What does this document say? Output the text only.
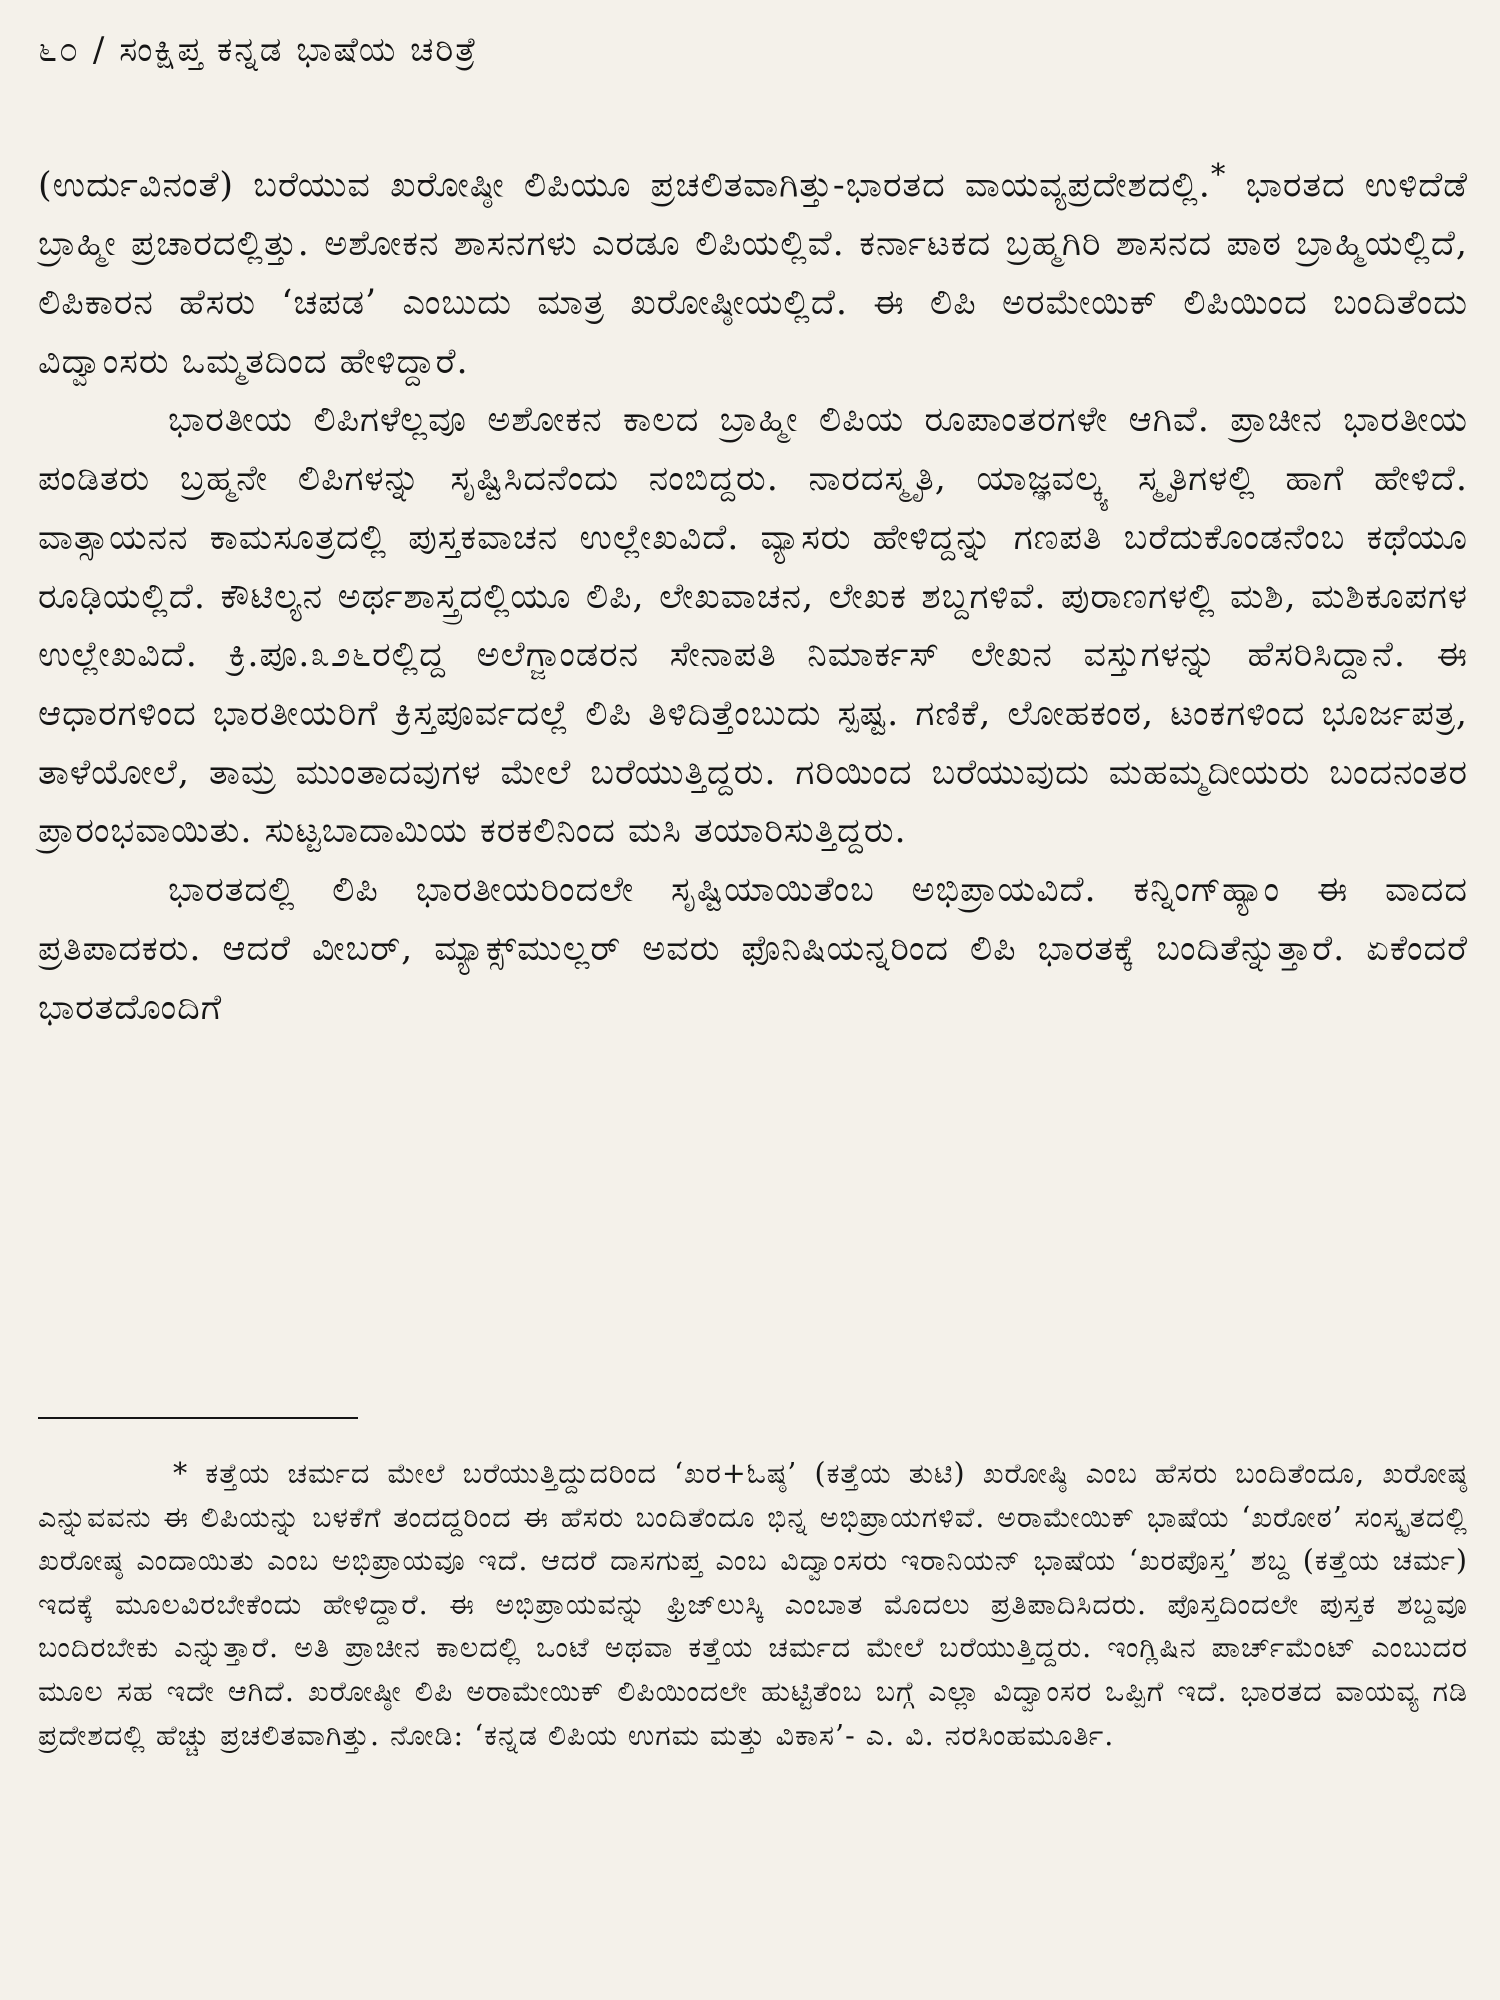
೬೦ / ಸಂಕ್ಷಿಪ್ತ ಕನ್ನಡ ಭಾಷೆಯ ಚರಿತ್ರೆ

(ಉರ್ದುವಿನಂತೆ) ಬರೆಯುವ ಖರೋಷ್ಠೀ ಲಿಪಿಯೂ ಪ್ರಚಲಿತವಾಗಿತ್ತು-ಭಾರತದ ವಾಯವ್ಯಪ್ರದೇಶದಲ್ಲಿ.* ಭಾರತದ ಉಳಿದೆಡೆ ಬ್ರಾಹ್ಮೀ ಪ್ರಚಾರದಲ್ಲಿತ್ತು. ಅಶೋಕನ ಶಾಸನಗಳು ಎರಡೂ ಲಿಪಿಯಲ್ಲಿವೆ. ಕರ್ನಾಟಕದ ಬ್ರಹ್ಮಗಿರಿ ಶಾಸನದ ಪಾಠ ಬ್ರಾಹ್ಮಿಯಲ್ಲಿದೆ, ಲಿಪಿಕಾರನ ಹೆಸರು ‘ಚಪಡ’ ಎಂಬುದು ಮಾತ್ರ ಖರೋಷ್ಠೀಯಲ್ಲಿದೆ. ಈ ಲಿಪಿ ಅರಮೇಯಿಕ್ ಲಿಪಿಯಿಂದ ಬಂದಿತೆಂದು ವಿದ್ವಾಂಸರು ಒಮ್ಮತದಿಂದ ಹೇಳಿದ್ದಾರೆ.

ಭಾರತೀಯ ಲಿಪಿಗಳೆಲ್ಲವೂ ಅಶೋಕನ ಕಾಲದ ಬ್ರಾಹ್ಮೀ ಲಿಪಿಯ ರೂಪಾಂತರಗಳೇ ಆಗಿವೆ. ಪ್ರಾಚೀನ ಭಾರತೀಯ ಪಂಡಿತರು ಬ್ರಹ್ಮನೇ ಲಿಪಿಗಳನ್ನು ಸೃಷ್ಟಿಸಿದನೆಂದು ನಂಬಿದ್ದರು. ನಾರದಸ್ಮೃತಿ, ಯಾಜ್ಞವಲ್ಕ್ಯ ಸ್ಮೃತಿಗಳಲ್ಲಿ ಹಾಗೆ ಹೇಳಿದೆ. ವಾತ್ಸಾಯನನ ಕಾಮಸೂತ್ರದಲ್ಲಿ ಪುಸ್ತಕವಾಚನ ಉಲ್ಲೇಖವಿದೆ. ವ್ಯಾಸರು ಹೇಳಿದ್ದನ್ನು ಗಣಪತಿ ಬರೆದುಕೊಂಡನೆಂಬ ಕಥೆಯೂ ರೂಢಿಯಲ್ಲಿದೆ. ಕೌಟಿಲ್ಯನ ಅರ್ಥಶಾಸ್ತ್ರದಲ್ಲಿಯೂ ಲಿಪಿ, ಲೇಖವಾಚನ, ಲೇಖಕ ಶಬ್ದಗಳಿವೆ. ಪುರಾಣಗಳಲ್ಲಿ ಮಶಿ, ಮಶಿಕೂಪಗಳ ಉಲ್ಲೇಖವಿದೆ. ಕ್ರಿ.ಪೂ.೩೨೬ರಲ್ಲಿದ್ದ ಅಲೆಗ್ಜಾಂಡರನ ಸೇನಾಪತಿ ನಿಮಾರ್ಕಸ್ ಲೇಖನ ವಸ್ತುಗಳನ್ನು ಹೆಸರಿಸಿದ್ದಾನೆ. ಈ ಆಧಾರಗಳಿಂದ ಭಾರತೀಯರಿಗೆ ಕ್ರಿಸ್ತಪೂರ್ವದಲ್ಲೆ ಲಿಪಿ ತಿಳಿದಿತ್ತೆಂಬುದು ಸ್ಪಷ್ಟ. ಗಣಿಕೆ, ಲೋಹಕಂಠ, ಟಂಕಗಳಿಂದ ಭೂರ್ಜಪತ್ರ, ತಾಳೆಯೋಲೆ, ತಾಮ್ರ ಮುಂತಾದವುಗಳ ಮೇಲೆ ಬರೆಯುತ್ತಿದ್ದರು. ಗರಿಯಿಂದ ಬರೆಯುವುದು ಮಹಮ್ಮದೀಯರು ಬಂದನಂತರ ಪ್ರಾರಂಭವಾಯಿತು. ಸುಟ್ಟಬಾದಾಮಿಯ ಕರಕಲಿನಿಂದ ಮಸಿ ತಯಾರಿಸುತ್ತಿದ್ದರು.

ಭಾರತದಲ್ಲಿ ಲಿಪಿ ಭಾರತೀಯರಿಂದಲೇ ಸೃಷ್ಟಿಯಾಯಿತೆಂಬ ಅಭಿಪ್ರಾಯವಿದೆ. ಕನ್ನಿಂಗ್‌ಹ್ಯಾಂ ಈ ವಾದದ ಪ್ರತಿಪಾದಕರು. ಆದರೆ ವೀಬರ್, ಮ್ಯಾಕ್ಸ್‌ಮುಲ್ಲರ್ ಅವರು ಫೊನಿಷಿಯನ್ನರಿಂದ ಲಿಪಿ ಭಾರತಕ್ಕೆ ಬಂದಿತೆನ್ನುತ್ತಾರೆ. ಏಕೆಂದರೆ ಭಾರತದೊಂದಿಗೆ

* ಕತ್ತೆಯ ಚರ್ಮದ ಮೇಲೆ ಬರೆಯುತ್ತಿದ್ದುದರಿಂದ ‘ಖರ+ಓಷ್ಠ’ (ಕತ್ತೆಯ ತುಟಿ) ಖರೋಷ್ಠಿ ಎಂಬ ಹೆಸರು ಬಂದಿತೆಂದೂ, ಖರೋಷ್ಠ ಎನ್ನುವವನು ಈ ಲಿಪಿಯನ್ನು ಬಳಕೆಗೆ ತಂದದ್ದರಿಂದ ಈ ಹೆಸರು ಬಂದಿತೆಂದೂ ಭಿನ್ನ ಅಭಿಪ್ರಾಯಗಳಿವೆ. ಅರಾಮೇಯಿಕ್ ಭಾಷೆಯ ‘ಖರೋಠ’ ಸಂಸ್ಕೃತದಲ್ಲಿ ಖರೋಷ್ಠ ಎಂದಾಯಿತು ಎಂಬ ಅಭಿಪ್ರಾಯವೂ ಇದೆ. ಆದರೆ ದಾಸಗುಪ್ತ ಎಂಬ ವಿದ್ವಾಂಸರು ಇರಾನಿಯನ್ ಭಾಷೆಯ ‘ಖರಪೊಸ್ತ’ ಶಬ್ದ (ಕತ್ತೆಯ ಚರ್ಮ) ಇದಕ್ಕೆ ಮೂಲವಿರಬೇಕೆಂದು ಹೇಳಿದ್ದಾರೆ. ಈ ಅಭಿಪ್ರಾಯವನ್ನು ಫ್ರಿಜ್‌ಲುಸ್ಕಿ ಎಂಬಾತ ಮೊದಲು ಪ್ರತಿಪಾದಿಸಿದರು. ಪೊಸ್ತದಿಂದಲೇ ಪುಸ್ತಕ ಶಬ್ದವೂ ಬಂದಿರಬೇಕು ಎನ್ನುತ್ತಾರೆ. ಅತಿ ಪ್ರಾಚೀನ ಕಾಲದಲ್ಲಿ ಒಂಟೆ ಅಥವಾ ಕತ್ತೆಯ ಚರ್ಮದ ಮೇಲೆ ಬರೆಯುತ್ತಿದ್ದರು. ಇಂಗ್ಲಿಷಿನ ಪಾರ್ಚ್‌ಮೆಂಟ್ ಎಂಬುದರ ಮೂಲ ಸಹ ಇದೇ ಆಗಿದೆ. ಖರೋಷ್ಠೀ ಲಿಪಿ ಅರಾಮೇಯಿಕ್ ಲಿಪಿಯಿಂದಲೇ ಹುಟ್ಟಿತೆಂಬ ಬಗ್ಗೆ ಎಲ್ಲಾ ವಿದ್ವಾಂಸರ ಒಪ್ಪಿಗೆ ಇದೆ. ಭಾರತದ ವಾಯವ್ಯ ಗಡಿ ಪ್ರದೇಶದಲ್ಲಿ ಹೆಚ್ಚು ಪ್ರಚಲಿತವಾಗಿತ್ತು. ನೋಡಿ: ‘ಕನ್ನಡ ಲಿಪಿಯ ಉಗಮ ಮತ್ತು ವಿಕಾಸ’- ಎ. ವಿ. ನರಸಿಂಹಮೂರ್ತಿ.
